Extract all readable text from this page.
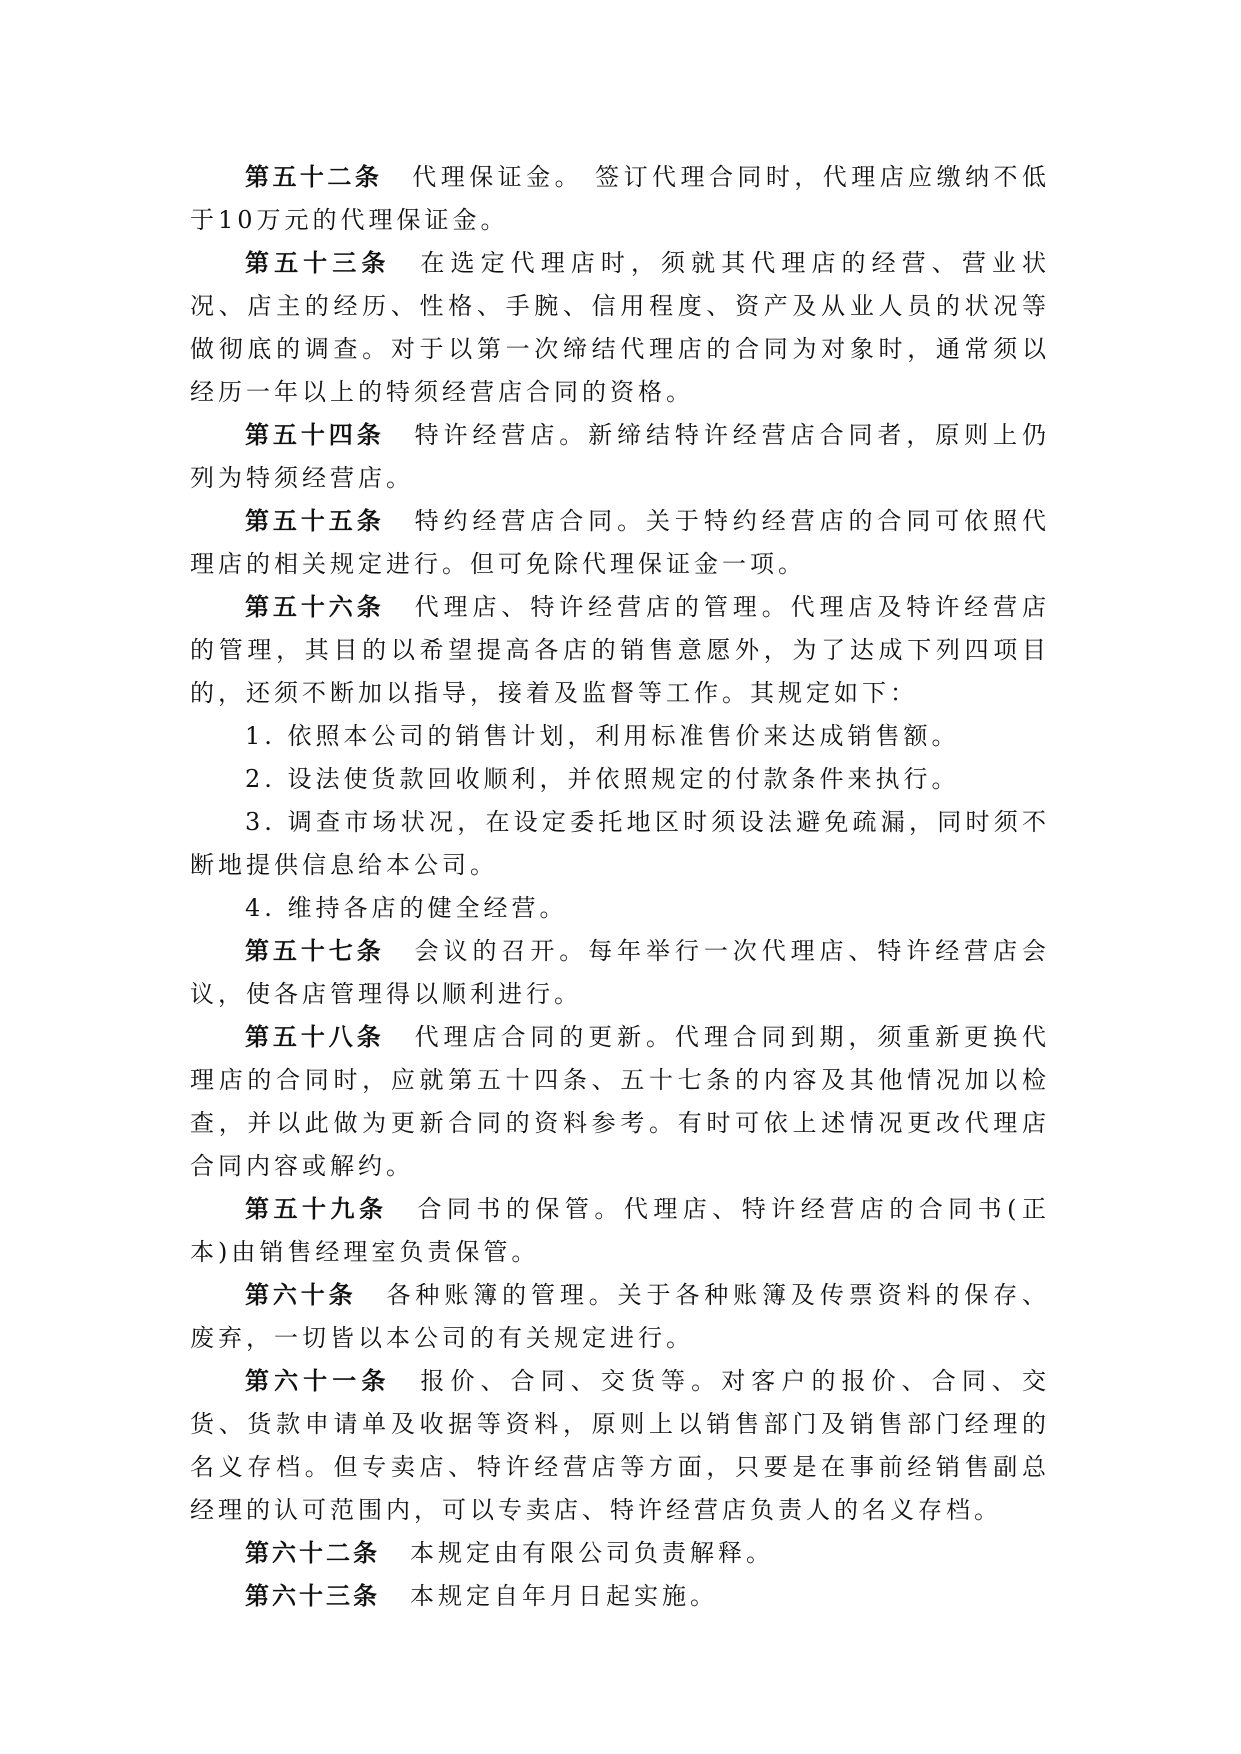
第五十二条 代理保证金。 签订代理合同时，代理店应缴纳不低于10万元的代理保证金。

第五十三条 在选定代理店时，须就其代理店的经营、营业状况、店主的经历、性格、手腕、信用程度、资产及从业人员的状况等做彻底的调查。对于以第一次缔结代理店的合同为对象时，通常须以经历一年以上的特须经营店合同的资格。

第五十四条 特许经营店。新缔结特许经营店合同者，原则上仍列为特须经营店。

第五十五条 特约经营店合同。关于特约经营店的合同可依照代理店的相关规定进行。但可免除代理保证金一项。

第五十六条 代理店、特许经营店的管理。代理店及特许经营店的管理，其目的以希望提高各店的销售意愿外，为了达成下列四项目的，还须不断加以指导，接着及监督等工作。其规定如下：

1. 依照本公司的销售计划，利用标准售价来达成销售额。

2. 设法使货款回收顺利，并依照规定的付款条件来执行。

3. 调查市场状况，在设定委托地区时须设法避免疏漏，同时须不断地提供信息给本公司。

4. 维持各店的健全经营。

第五十七条 会议的召开。每年举行一次代理店、特许经营店会议，使各店管理得以顺利进行。

第五十八条 代理店合同的更新。代理合同到期，须重新更换代理店的合同时，应就第五十四条、五十七条的内容及其他情况加以检查，并以此做为更新合同的资料参考。有时可依上述情况更改代理店合同内容或解约。

第五十九条 合同书的保管。代理店、特许经营店的合同书(正本)由销售经理室负责保管。

第六十条 各种账簿的管理。关于各种账簿及传票资料的保存、废弃，一切皆以本公司的有关规定进行。

第六十一条 报价、合同、交货等。对客户的报价、合同、交货、货款申请单及收据等资料，原则上以销售部门及销售部门经理的名义存档。但专卖店、特许经营店等方面，只要是在事前经销售副总经理的认可范围内，可以专卖店、特许经营店负责人的名义存档。

第六十二条 本规定由有限公司负责解释。

第六十三条 本规定自年月日起实施。
